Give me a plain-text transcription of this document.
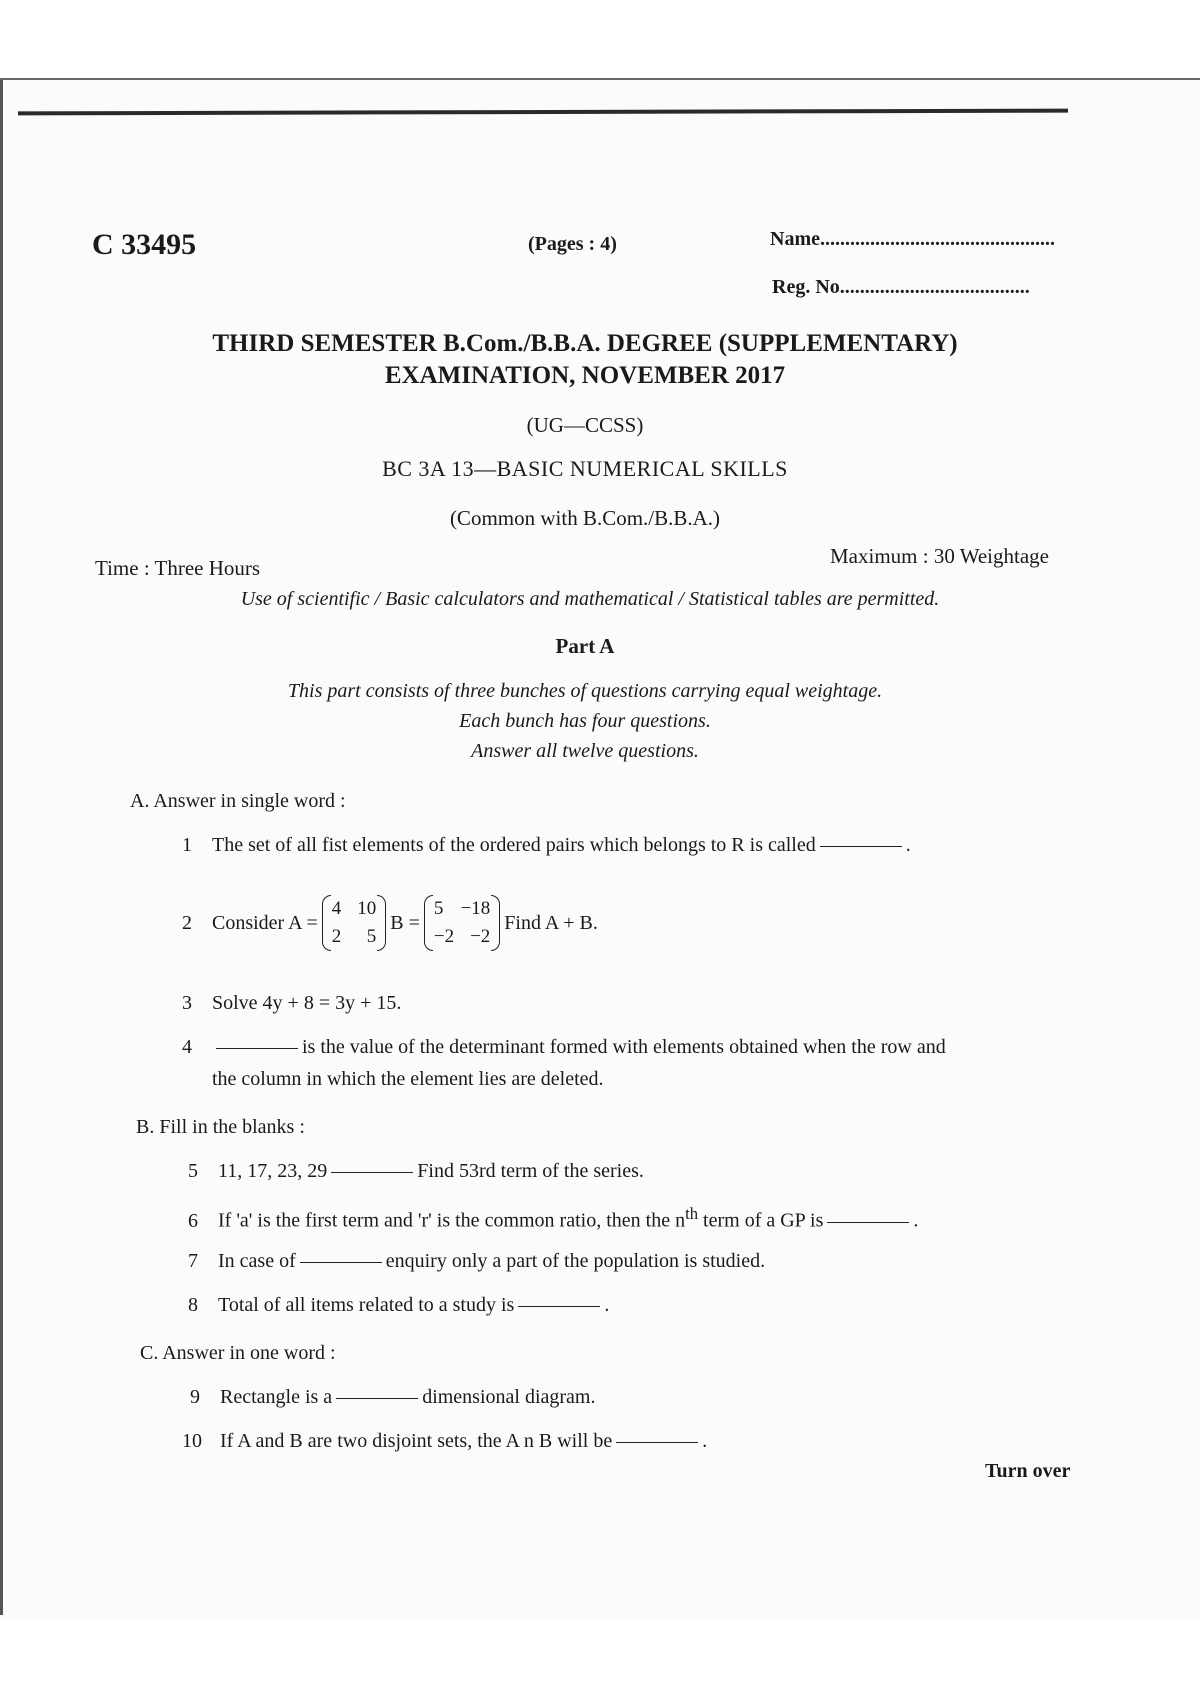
C 33495	(Pages : 4)	Name...............................................
Reg. No......................................
THIRD SEMESTER B.Com./B.B.A. DEGREE (SUPPLEMENTARY)
EXAMINATION, NOVEMBER 2017
(UG—CCSS)
BC 3A 13—BASIC NUMERICAL SKILLS
(Common with B.Com./B.B.A.)
Time : Three Hours	Maximum : 30 Weightage
Use of scientific / Basic calculators and mathematical / Statistical tables are permitted.
Part A
This part consists of three bunches of questions carrying equal weightage.
Each bunch has four questions.
Answer all twelve questions.
A. Answer in single word :
1 The set of all fist elements of the ordered pairs which belongs to R is called	.
2	Consider A =
4 10
2 5
B =
5 −18
−2 −2
Find A + B.
3 Solve 4y + 8 = 3y + 15.
4	is the value of the determinant formed with elements obtained when the row and
the column in which the element lies are deleted.
B. Fill in the blanks :
5 11, 17, 23, 29	Find 53rd term of the series.
6 If 'a' is the first term and 'r' is the common ratio, then the $n^{th}$ term of a GP is	.
7 In case of	enquiry only a part of the population is studied.
8 Total of all items related to a study is	.
C. Answer in one word :
9 Rectangle is a	dimensional diagram.
10 If A and B are two disjoint sets, the A n B will be	.
Turn over
